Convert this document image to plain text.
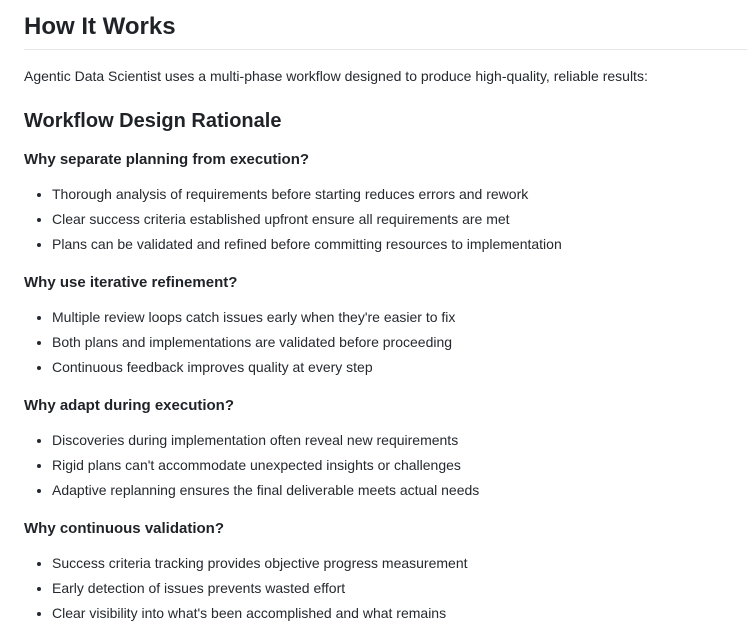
How It Works

Agentic Data Scientist uses a multi-phase workflow designed to produce high-quality, reliable results:

Workflow Design Rationale
Why separate planning from execution?
• Thorough analysis of requirements before starting reduces errors and rework
• Clear success criteria established upfront ensure all requirements are met
• Plans can be validated and refined before committing resources to implementation
Why use iterative refinement?
• Multiple review loops catch issues early when they're easier to fix
• Both plans and implementations are validated before proceeding
• Continuous feedback improves quality at every step
Why adapt during execution?
• Discoveries during implementation often reveal new requirements
• Rigid plans can't accommodate unexpected insights or challenges
• Adaptive replanning ensures the final deliverable meets actual needs
Why continuous validation?
• Success criteria tracking provides objective progress measurement
• Early detection of issues prevents wasted effort
• Clear visibility into what's been accomplished and what remains
